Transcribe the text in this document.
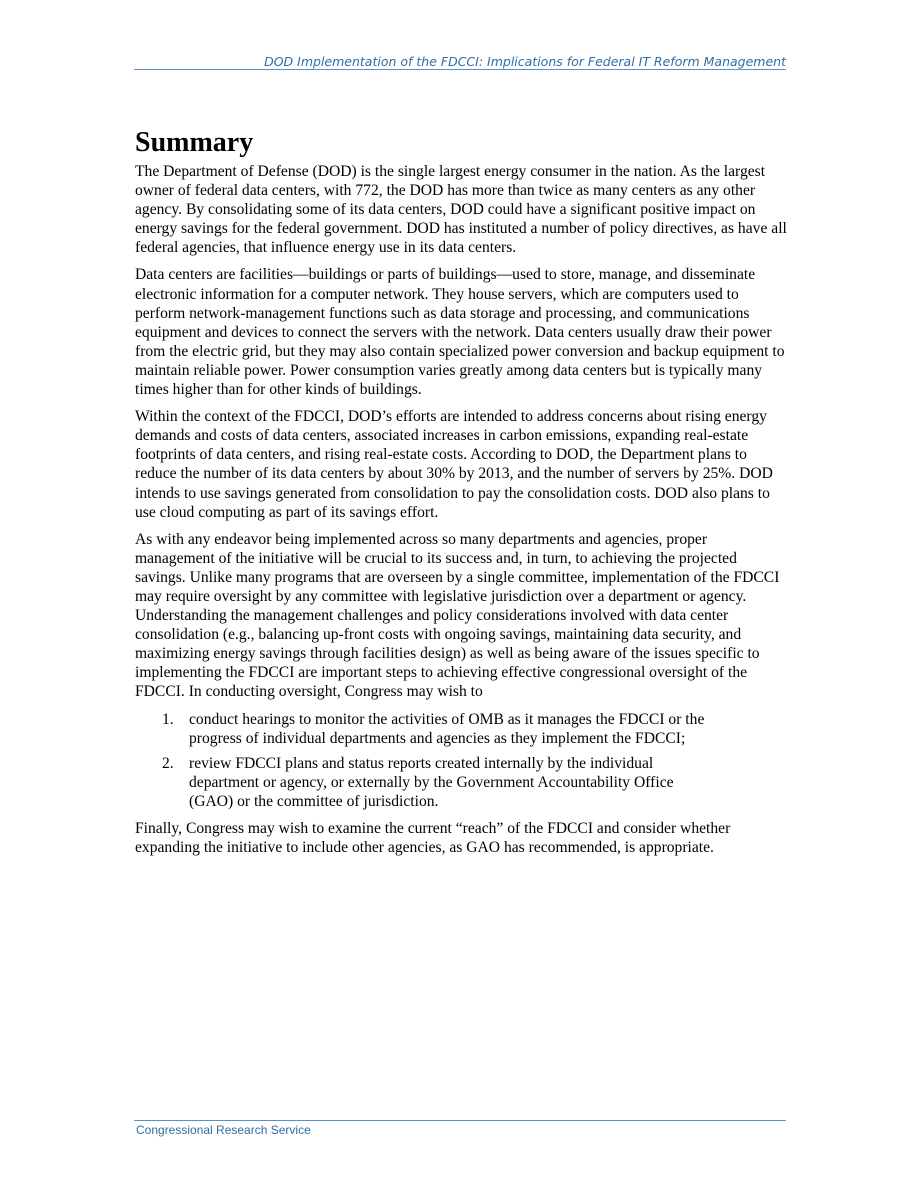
DOD Implementation of the FDCCI: Implications for Federal IT Reform Management
Summary

The Department of Defense (DOD) is the single largest energy consumer in the nation. As the largest owner of federal data centers, with 772, the DOD has more than twice as many centers as any other agency. By consolidating some of its data centers, DOD could have a significant positive impact on energy savings for the federal government. DOD has instituted a number of policy directives, as have all federal agencies, that influence energy use in its data centers.

Data centers are facilities—buildings or parts of buildings—used to store, manage, and disseminate electronic information for a computer network. They house servers, which are computers used to perform network-management functions such as data storage and processing, and communications equipment and devices to connect the servers with the network. Data centers usually draw their power from the electric grid, but they may also contain specialized power conversion and backup equipment to maintain reliable power. Power consumption varies greatly among data centers but is typically many times higher than for other kinds of buildings.

Within the context of the FDCCI, DOD’s efforts are intended to address concerns about rising energy demands and costs of data centers, associated increases in carbon emissions, expanding real-estate footprints of data centers, and rising real-estate costs. According to DOD, the Department plans to reduce the number of its data centers by about 30% by 2013, and the number of servers by 25%. DOD intends to use savings generated from consolidation to pay the consolidation costs. DOD also plans to use cloud computing as part of its savings effort.

As with any endeavor being implemented across so many departments and agencies, proper management of the initiative will be crucial to its success and, in turn, to achieving the projected savings. Unlike many programs that are overseen by a single committee, implementation of the FDCCI may require oversight by any committee with legislative jurisdiction over a department or agency. Understanding the management challenges and policy considerations involved with data center consolidation (e.g., balancing up-front costs with ongoing savings, maintaining data security, and maximizing energy savings through facilities design) as well as being aware of the issues specific to implementing the FDCCI are important steps to achieving effective congressional oversight of the FDCCI. In conducting oversight, Congress may wish to

1. conduct hearings to monitor the activities of OMB as it manages the FDCCI or the progress of individual departments and agencies as they implement the FDCCI;
2. review FDCCI plans and status reports created internally by the individual department or agency, or externally by the Government Accountability Office (GAO) or the committee of jurisdiction.

Finally, Congress may wish to examine the current “reach” of the FDCCI and consider whether expanding the initiative to include other agencies, as GAO has recommended, is appropriate.

Congressional Research Service
